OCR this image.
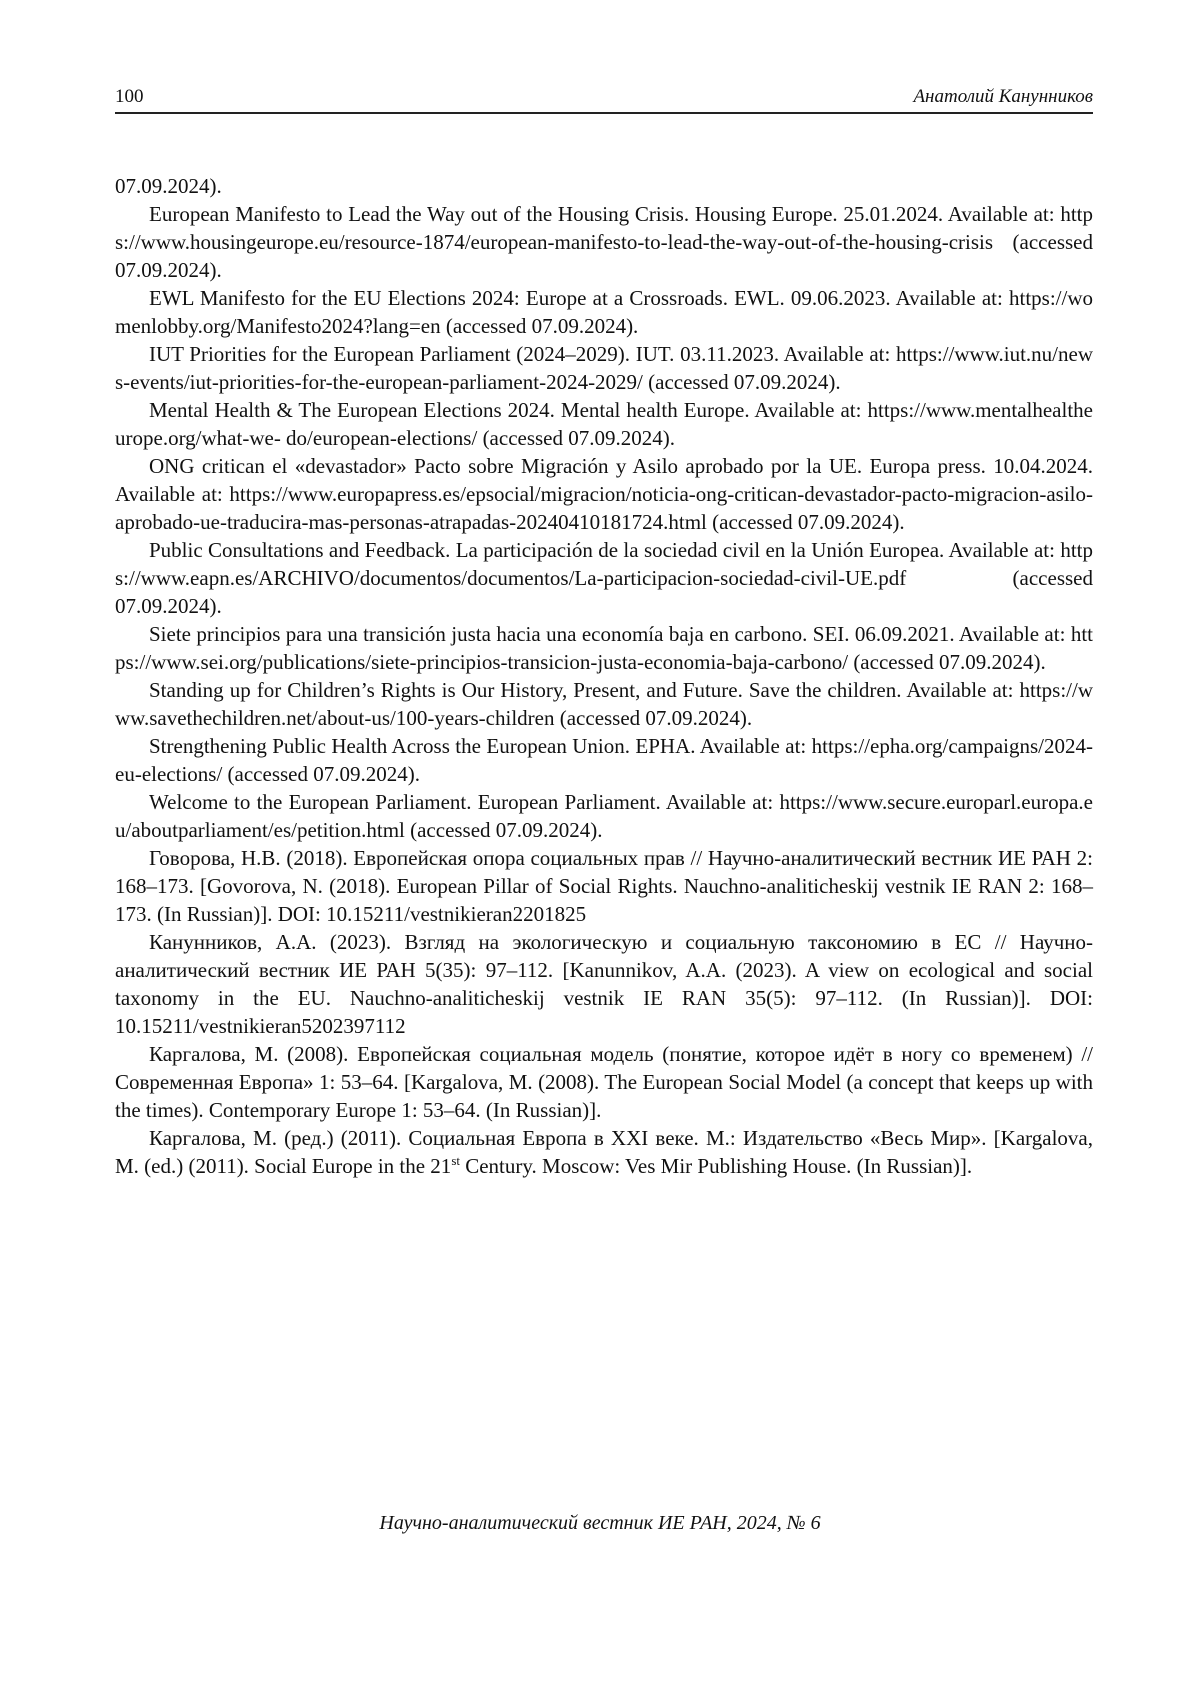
100	Анатолий Канунников

07.09.2024).

European Manifesto to Lead the Way out of the Housing Crisis. Housing Europe. 25.01.2024. Available at: https://www.housingeurope.eu/resource-1874/european-manifesto-to-lead-the-way-out-of-the-housing-crisis (accessed 07.09.2024).

EWL Manifesto for the EU Elections 2024: Europe at a Crossroads. EWL. 09.06.2023. Available at: https://womenlobby.org/Manifesto2024?lang=en (accessed 07.09.2024).

IUT Priorities for the European Parliament (2024–2029). IUT. 03.11.2023. Available at: https://www.iut.nu/news-events/iut-priorities-for-the-european-parliament-2024-2029/ (accessed 07.09.2024).

Mental Health & The European Elections 2024. Mental health Europe. Available at: https://www.mentalhealtheurope.org/what-we- do/european-elections/ (accessed 07.09.2024).

ONG critican el «devastador» Pacto sobre Migración y Asilo aprobado por la UE. Europa press. 10.04.2024. Available at: https://www.europapress.es/epsocial/migracion/noticia-ong-critican-devastador-pacto-migracion-asilo-aprobado-ue-traducira-mas-personas-atrapadas-20240410181724.html (accessed 07.09.2024).

Public Consultations and Feedback. La participación de la sociedad civil en la Unión Europea. Available at: https://www.eapn.es/ARCHIVO/documentos/documentos/La-participacion-sociedad-civil-UE.pdf (accessed 07.09.2024).

Siete principios para una transición justa hacia una economía baja en carbono. SEI. 06.09.2021. Available at: https://www.sei.org/publications/siete-principios-transicion-justa-economia-baja-carbono/ (accessed 07.09.2024).

Standing up for Children’s Rights is Our History, Present, and Future. Save the children. Available at: https://www.savethechildren.net/about-us/100-years-children (accessed 07.09.2024).

Strengthening Public Health Across the European Union. EPHA. Available at: https://epha.org/campaigns/2024-eu-elections/ (accessed 07.09.2024).

Welcome to the European Parliament. European Parliament. Available at: https://www.secure.europarl.europa.eu/aboutparliament/es/petition.html (accessed 07.09.2024).

Говорова, Н.В. (2018). Европейская опора социальных прав // Научно-аналитический вестник ИЕ РАН 2: 168–173. [Govorova, N. (2018). European Pillar of Social Rights. Nauchno-analiticheskij vestnik IE RAN 2: 168–173. (In Russian)]. DOI: 10.15211/vestnikieran2201825

Канунников, А.А. (2023). Взгляд на экологическую и социальную таксономию в ЕС // Научно-аналитический вестник ИЕ РАН 5(35): 97–112. [Kanunnikov, A.A. (2023). A view on ecological and social taxonomy in the EU. Nauchno-analiticheskij vestnik IE RAN 35(5): 97–112. (In Russian)]. DOI: 10.15211/vestnikieran5202397112

Каргалова, М. (2008). Европейская социальная модель (понятие, которое идёт в ногу со временем) // Современная Европа» 1: 53–64. [Kargalova, M. (2008). The European Social Model (a concept that keeps up with the times). Contemporary Europe 1: 53–64. (In Russian)].

Каргалова, М. (ред.) (2011). Социальная Европа в XXI веке. М.: Издательство «Весь Мир». [Kargalova, M. (ed.) (2011). Social Europe in the 21st Century. Moscow: Ves Mir Publishing House. (In Russian)].

Научно-аналитический вестник ИЕ РАН, 2024, № 6
